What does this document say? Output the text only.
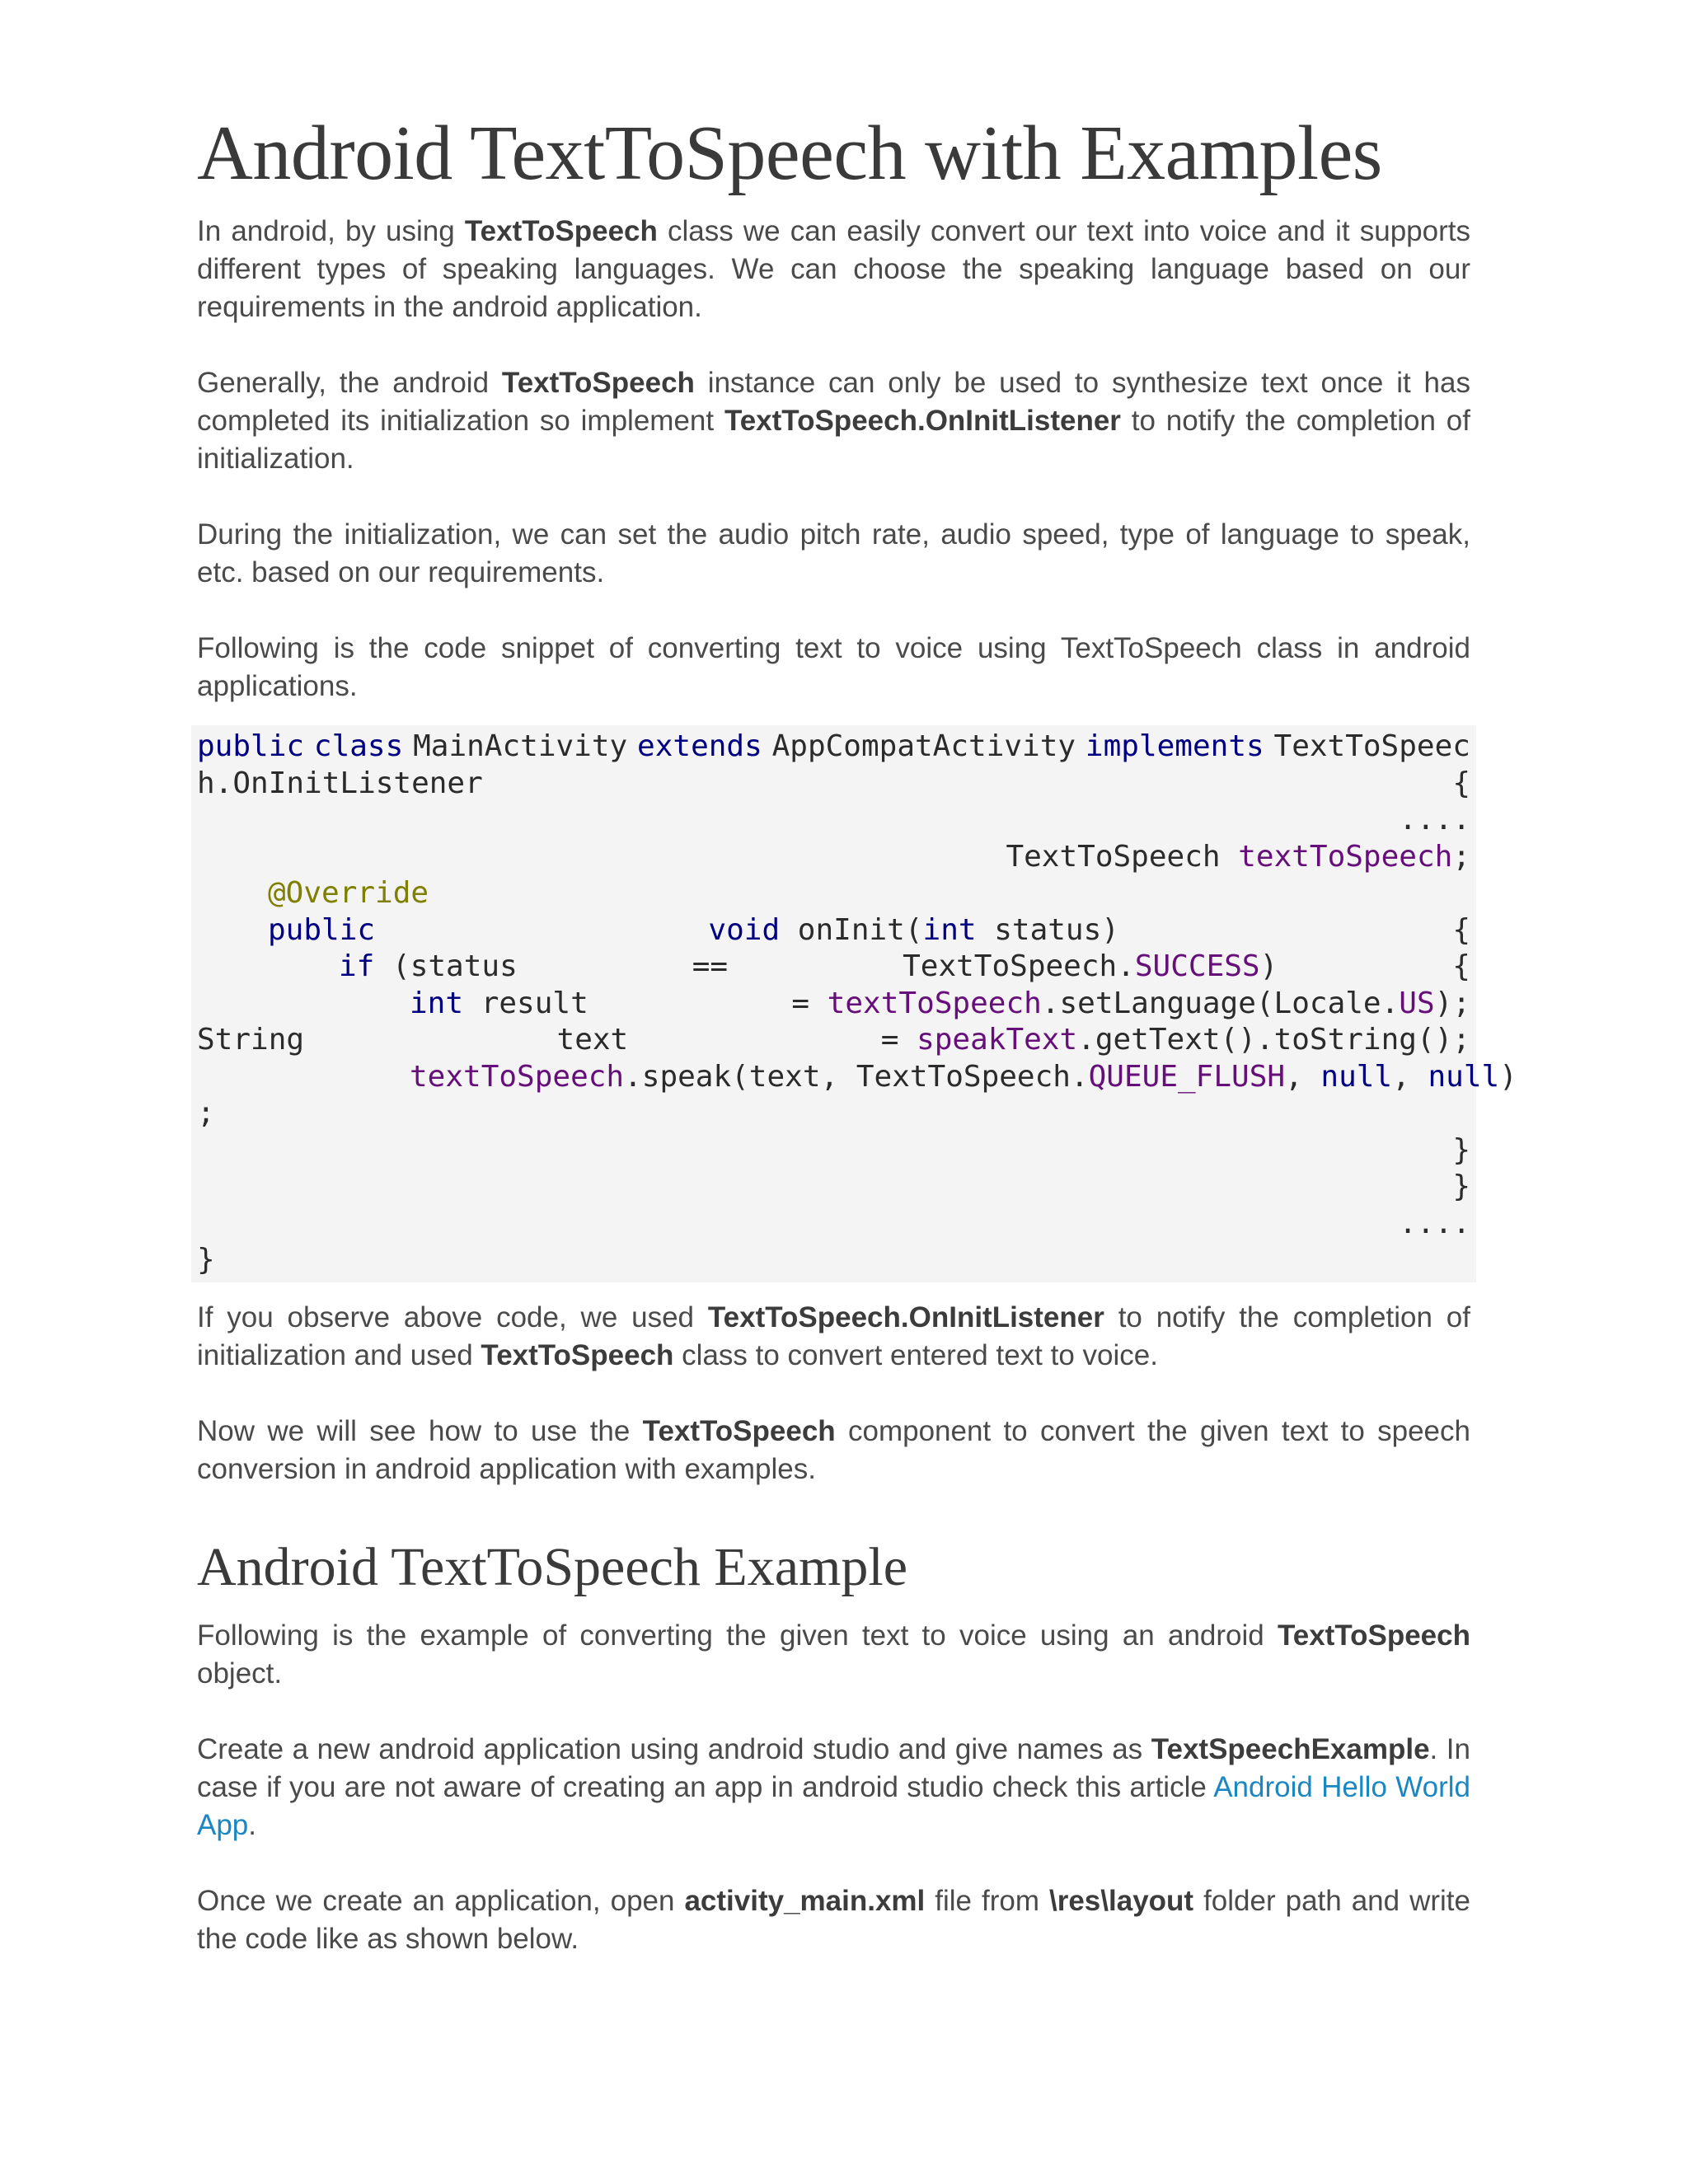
Android TextToSpeech with Examples

In android, by using TextToSpeech class we can easily convert our text into voice and it supports different types of speaking languages. We can choose the speaking language based on our requirements in the android application.

Generally, the android TextToSpeech instance can only be used to synthesize text once it has completed its initialization so implement TextToSpeech.OnInitListener to notify the completion of initialization.

During the initialization, we can set the audio pitch rate, audio speed, type of language to speak, etc. based on our requirements.

Following is the code snippet of converting text to voice using TextToSpeech class in android applications.

public class MainActivity extends AppCompatActivity implements TextToSpeec
h.OnInitListener	{
....
TextToSpeech textToSpeech;
@Override
public	void onInit(int status)	{
if (status	==	TextToSpeech.SUCCESS)	{
int result	= textToSpeech.setLanguage(Locale.US);
String	text	= speakText.getText().toString();
textToSpeech.speak(text, TextToSpeech.QUEUE_FLUSH, null, null)
;
}
}
....
}

If you observe above code, we used TextToSpeech.OnInitListener to notify the completion of initialization and used TextToSpeech class to convert entered text to voice.

Now we will see how to use the TextToSpeech component to convert the given text to speech conversion in android application with examples.

Android TextToSpeech Example

Following is the example of converting the given text to voice using an android TextToSpeech object.

Create a new android application using android studio and give names as TextSpeechExample. In case if you are not aware of creating an app in android studio check this article Android Hello World App.

Once we create an application, open activity_main.xml file from \res\layout folder path and write the code like as shown below.
